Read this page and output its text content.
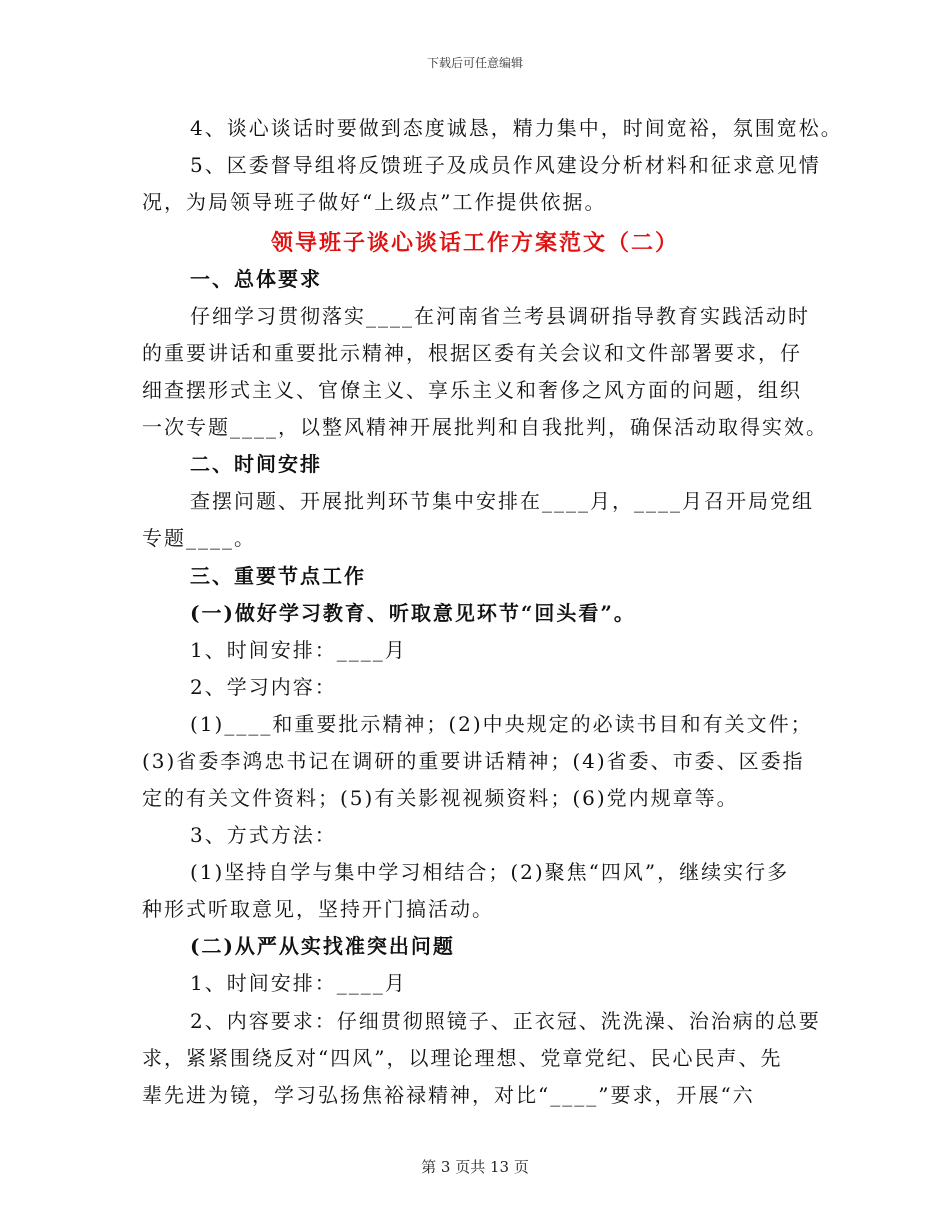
下载后可任意编辑
4、谈心谈话时要做到态度诚恳，精力集中，时间宽裕，氛围宽松。
5、区委督导组将反馈班子及成员作风建设分析材料和征求意见情
况，为局领导班子做好“上级点”工作提供依据。
领导班子谈心谈话工作方案范文（二）
一、总体要求
仔细学习贯彻落实____在河南省兰考县调研指导教育实践活动时
的重要讲话和重要批示精神，根据区委有关会议和文件部署要求，仔
细查摆形式主义、官僚主义、享乐主义和奢侈之风方面的问题，组织
一次专题____，以整风精神开展批判和自我批判，确保活动取得实效。
二、时间安排
查摆问题、开展批判环节集中安排在____月，____月召开局党组
专题____。
三、重要节点工作
(一)做好学习教育、听取意见环节“回头看”。
1、时间安排：____月
2、学习内容：
(1)____和重要批示精神；(2)中央规定的必读书目和有关文件；
(3)省委李鸿忠书记在调研的重要讲话精神；(4)省委、市委、区委指
定的有关文件资料；(5)有关影视视频资料；(6)党内规章等。
3、方式方法：
(1)坚持自学与集中学习相结合；(2)聚焦“四风”，继续实行多
种形式听取意见，坚持开门搞活动。
(二)从严从实找准突出问题
1、时间安排：____月
2、内容要求：仔细贯彻照镜子、正衣冠、洗洗澡、治治病的总要
求，紧紧围绕反对“四风”，以理论理想、党章党纪、民心民声、先
辈先进为镜，学习弘扬焦裕禄精神，对比“____”要求，开展“六
第 3 页共 13 页
